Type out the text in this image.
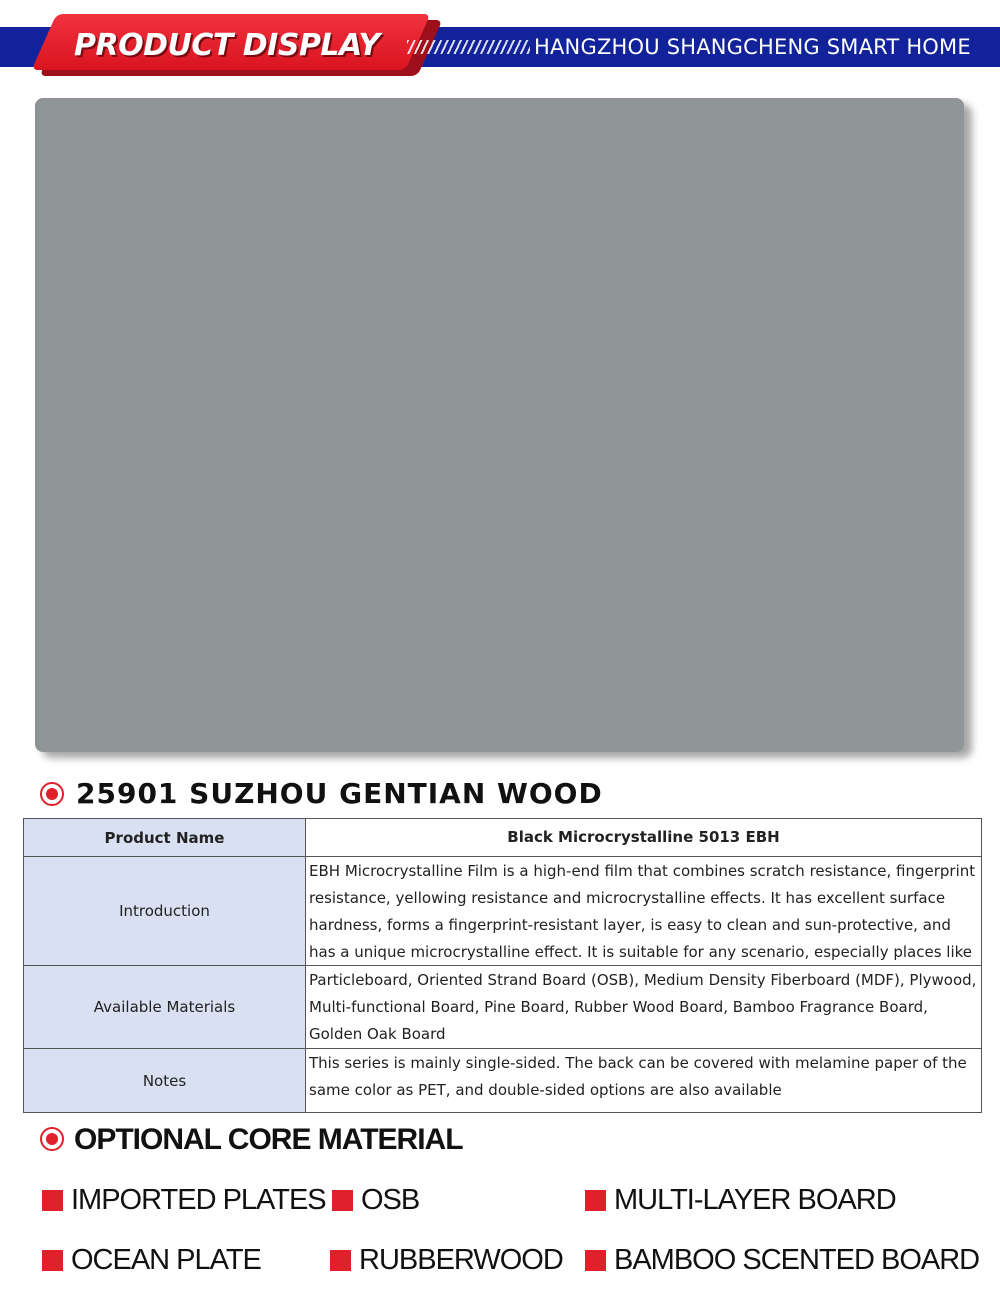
PRODUCT DISPLAY	HANGZHOU SHANGCHENG SMART HOME
25901 SUZHOU GENTIAN WOOD
Product Name	Black Microcrystalline 5013 EBH
Introduction	EBH Microcrystalline Film is a high-end film that combines scratch resistance, fingerprint resistance, yellowing resistance and microcrystalline effects. It has excellent surface hardness, forms a fingerprint-resistant layer, is easy to clean and sun-protective, and has a unique microcrystalline effect. It is suitable for any scenario, especially places like

Available Materials	Particleboard, Oriented Strand Board (OSB), Medium Density Fiberboard (MDF), Plywood, Multi-functional Board, Pine Board, Rubber Wood Board, Bamboo Fragrance Board, Golden Oak Board

Notes	This series is mainly single-sided. The back can be covered with melamine paper of the same color as PET, and double-sided options are also available
OPTIONAL CORE MATERIAL
IMPORTED PLATES OSB	MULTI-LAYER BOARD
OCEAN PLATE	RUBBERWOOD BAMBOO SCENTED BOARD
